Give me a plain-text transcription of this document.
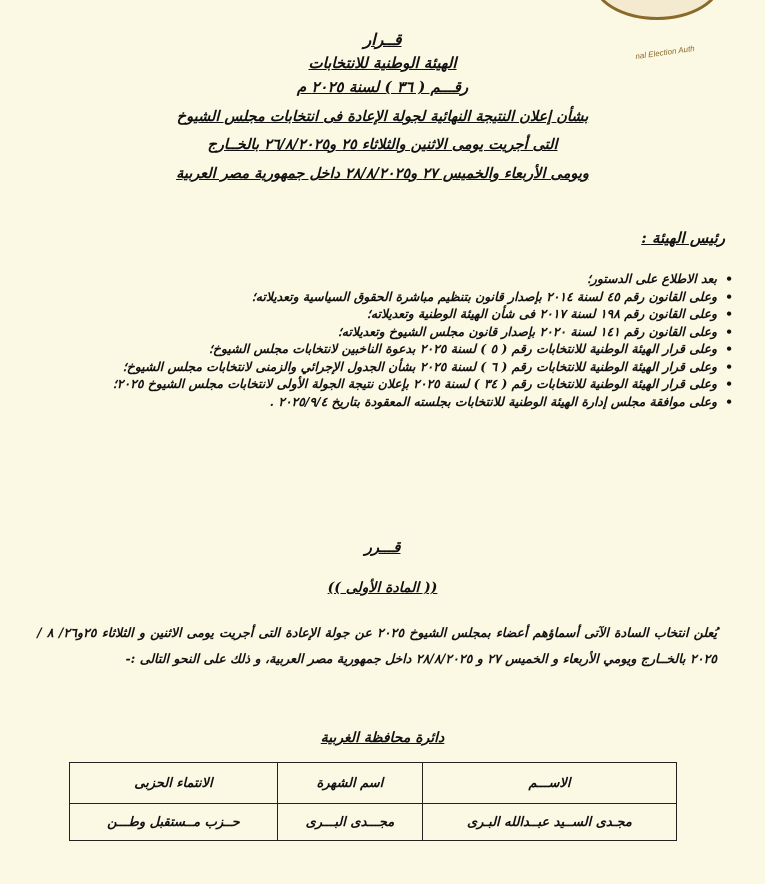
nal Election Auth

قــرار

الهيئة الوطنية للانتخابات

رقـــم ( ٣٦ ) لسنة ٢٠٢٥ م

بشأن إعلان النتيجة النهائية لجولة الإعادة فى انتخابات مجلس الشيوخ

التى أجريت يومى الاثنين والثلاثاء ٢٥ و٢٦/٨/٢٠٢٥ بالخــارج

ويومى الأربعاء والخميس ٢٧ و٢٨/٨/٢٠٢٥ داخل جمهورية مصر العربية

رئيس الهيئة :
• بعد الاطلاع على الدستور؛
• وعلى القانون رقم ٤٥ لسنة ٢٠١٤ بإصدار قانون بتنظيم مباشرة الحقوق السياسية وتعديلاته؛
• وعلى القانون رقم ١٩٨ لسنة ٢٠١٧ فى شأن الهيئة الوطنية وتعديلاته؛
• وعلى القانون رقم ١٤١ لسنة ٢٠٢٠ بإصدار قانون مجلس الشيوخ وتعديلاته؛
• وعلى قرار الهيئة الوطنية للانتخابات رقم ( ٥ ) لسنة ٢٠٢٥ بدعوة الناخبين لانتخابات مجلس الشيوخ؛
• وعلى قرار الهيئة الوطنية للانتخابات رقم ( ٦ ) لسنة ٢٠٢٥ بشأن الجدول الإجرائي والزمنى لانتخابات مجلس الشيوخ؛
• وعلى قرار الهيئة الوطنية للانتخابات رقم ( ٣٤ ) لسنة ٢٠٢٥ بإعلان نتيجة الجولة الأولى لانتخابات مجلس الشيوخ ٢٠٢٥؛
• وعلى موافقة مجلس إدارة الهيئة الوطنية للانتخابات بجلسته المعقودة بتاريخ ٢٠٢٥/٩/٤ .
قـــرر
(( المادة الأولى ))

يُعلن انتخاب السادة الآتى أسماؤهم أعضاء بمجلس الشيوخ ٢٠٢٥ عن جولة الإعادة التى أجريت يومى الاثنين و الثلاثاء ٢٥و٢٦/ ٨ /٢٠٢٥ بالخــارج ويومي الأربعاء و الخميس ٢٧ و ٢٨/٨/٢٠٢٥ داخل جمهورية مصر العربية، و ذلك على النحو التالى :-

دائرة محافظة الغربية
الاســـم	اسم الشهرة	الانتماء الحزبى
مجـدى الســيد عبــدالله البـرى	مجـــدى البـــرى	حــزب مــستقبل وطـــن
